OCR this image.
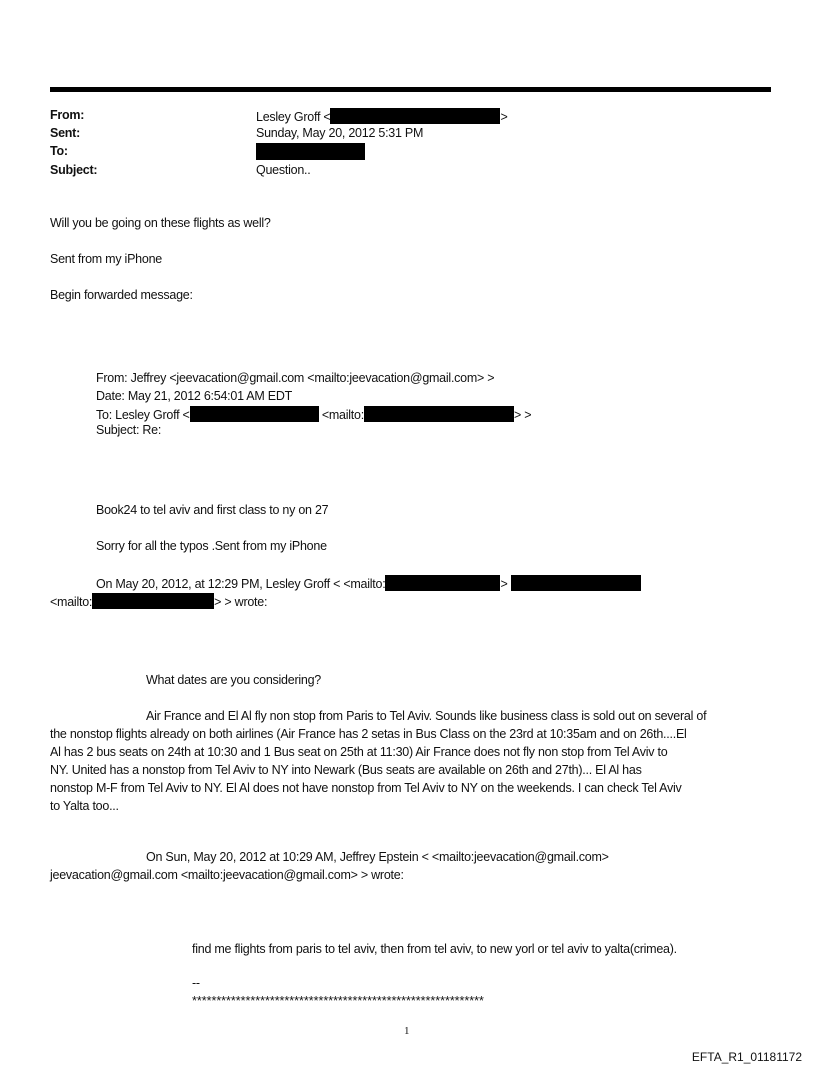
From:	Lesley Groff <	>
Sent:	Sunday, May 20, 2012 5:31 PM
To:
Subject:	Question..
Will you be going on these flights as well?
Sent from my iPhone
Begin forwarded message:
From: Jeffrey <jeevacation@gmail.com <mailto:jeevacation@gmail.com> >
Date: May 21, 2012 6:54:01 AM EDT
To: Lesley Groff <	<mailto:	> >
Subject: Re:
Book24 to tel aviv and first class to ny on 27
Sorry for all the typos .Sent from my iPhone
On May 20, 2012, at 12:29 PM, Lesley Groff < <mailto:	>
<mailto:	> > wrote:
What dates are you considering?
Air France and El Al fly non stop from Paris to Tel Aviv. Sounds like business class is sold out on several of
the nonstop flights already on both airlines (Air France has 2 setas in Bus Class on the 23rd at 10:35am and on 26th....El
Al has 2 bus seats on 24th at 10:30 and 1 Bus seat on 25th at 11:30) Air France does not fly non stop from Tel Aviv to
NY. United has a nonstop from Tel Aviv to NY into Newark (Bus seats are available on 26th and 27th)... El Al has
nonstop M-F from Tel Aviv to NY. El Al does not have nonstop from Tel Aviv to NY on the weekends. I can check Tel Aviv
to Yalta too...
On Sun, May 20, 2012 at 10:29 AM, Jeffrey Epstein < <mailto:jeevacation@gmail.com>
jeevacation@gmail.com <mailto:jeevacation@gmail.com> > wrote:
find me flights from paris to tel aviv, then from tel aviv, to new yorl or tel aviv to yalta(crimea).
--
************************************************************
1
EFTA_R1_01181172
